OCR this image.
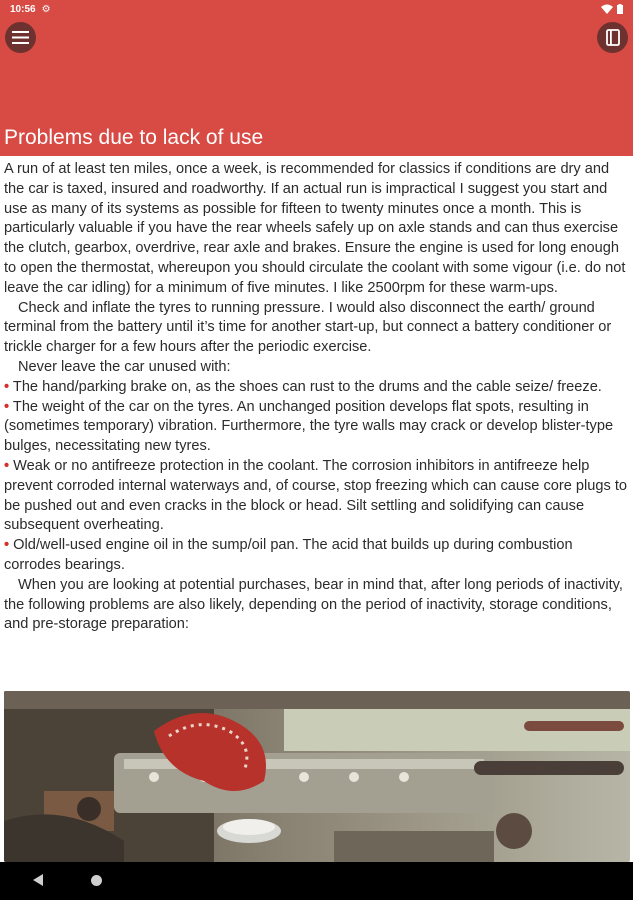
10:56 ⚙
Problems due to lack of use

A run of at least ten miles, once a week, is recommended for classics if conditions are dry and the car is taxed, insured and roadworthy. If an actual run is impractical I suggest you start and use as many of its systems as possible for fifteen to twenty minutes once a month. This is particularly valuable if you have the rear wheels safely up on axle stands and can thus exercise the clutch, gearbox, overdrive, rear axle and brakes. Ensure the engine is used for long enough to open the thermostat, whereupon you should circulate the coolant with some vigour (i.e. do not leave the car idling) for a minimum of five minutes. I like 2500rpm for these warm-ups.

Check and inflate the tyres to running pressure. I would also disconnect the earth/ ground terminal from the battery until it’s time for another start-up, but connect a battery conditioner or trickle charger for a few hours after the periodic exercise.

Never leave the car unused with:

• The hand/parking brake on, as the shoes can rust to the drums and the cable seize/ freeze.

• The weight of the car on the tyres. An unchanged position develops flat spots, resulting in (sometimes temporary) vibration. Furthermore, the tyre walls may crack or develop blister-type bulges, necessitating new tyres.

• Weak or no antifreeze protection in the coolant. The corrosion inhibitors in antifreeze help prevent corroded internal waterways and, of course, stop freezing which can cause core plugs to be pushed out and even cracks in the block or head. Silt settling and solidifying can cause subsequent overheating.

• Old/well-used engine oil in the sump/oil pan. The acid that builds up during combustion corrodes bearings.

When you are looking at potential purchases, bear in mind that, after long periods of inactivity, the following problems are also likely, depending on the period of inactivity, storage conditions, and pre-storage preparation:
